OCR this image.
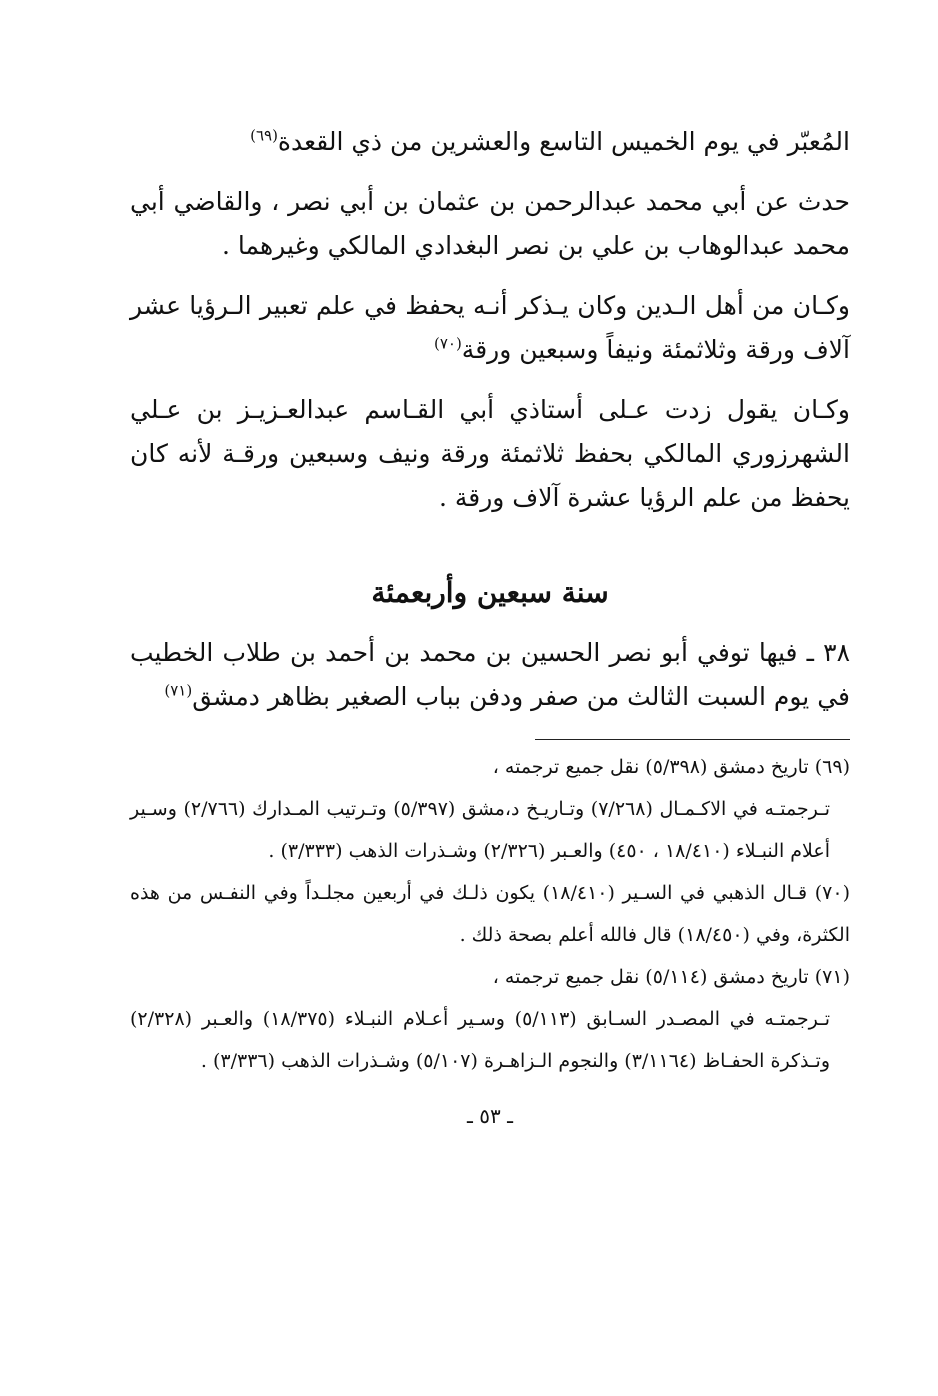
المُعبّر في يوم الخميس التاسع والعشرين من ذي القعدة$^{(٦٩)}$

حدث عن أبي محمد عبدالرحمن بن عثمان بن أبي نصر ، والقاضي أبي محمد عبدالوهاب بن علي بن نصر البغدادي المالكي وغيرهما .

وكـان من أهل الـدين وكان يـذكر أنـه يحفظ في علم تعبير الـرؤيا عشر آلاف ورقة وثلاثمئة ونيفاً وسبعين ورقة$^{(٧٠)}$

وكـان يقول زدت عـلى أستاذي أبي القـاسم عبدالعـزيـز بن عـلي الشهرزوري المالكي بحفظ ثلاثمئة ورقة ونيف وسبعين ورقـة لأنه كان يحفظ من علم الرؤيا عشرة آلاف ورقة .

سنة سبعين وأربعمئة
٣٨ ـ فيها توفي أبو نصر الحسين بن محمد بن أحمد بن طلاب الخطيب في يوم السبت الثالث من صفر ودفن بباب الصغير بظاهر دمشق$^{(٧١)}$

(٦٩) تاريخ دمشق (٥/٣٩٨) نقل جميع ترجمته ،

تـرجمتـه في الاكـمـال (٧/٢٦٨) وتـاريـخ د،مشق (٥/٣٩٧) وتـرتيب المـدارك (٢/٧٦٦) وسـير أعلام النبـلاء (١٨/٤١٠ ، ٤٥٠) والعـبر (٢/٣٢٦) وشـذرات الذهب (٣/٣٣٣) .

(٧٠) قـال الذهبي في السـير (١٨/٤١٠) يكون ذلـك في أربعين مجلـداً وفي النفـس من هذه الكثرة، وفي (١٨/٤٥٠) قال فالله أعلم بصحة ذلك .

(٧١) تاريخ دمشق (٥/١١٤) نقل جميع ترجمته ،

تـرجمتـه في المصـدر السـابق (٥/١١٣) وسـير أعـلام النبـلاء (١٨/٣٧٥) والعـبر (٢/٣٢٨) وتـذكرة الحفـاظ (٣/١١٦٤) والنجوم الـزاهـرة (٥/١٠٧) وشـذرات الذهب (٣/٣٣٦) .

ـ ٥٣ ـ
